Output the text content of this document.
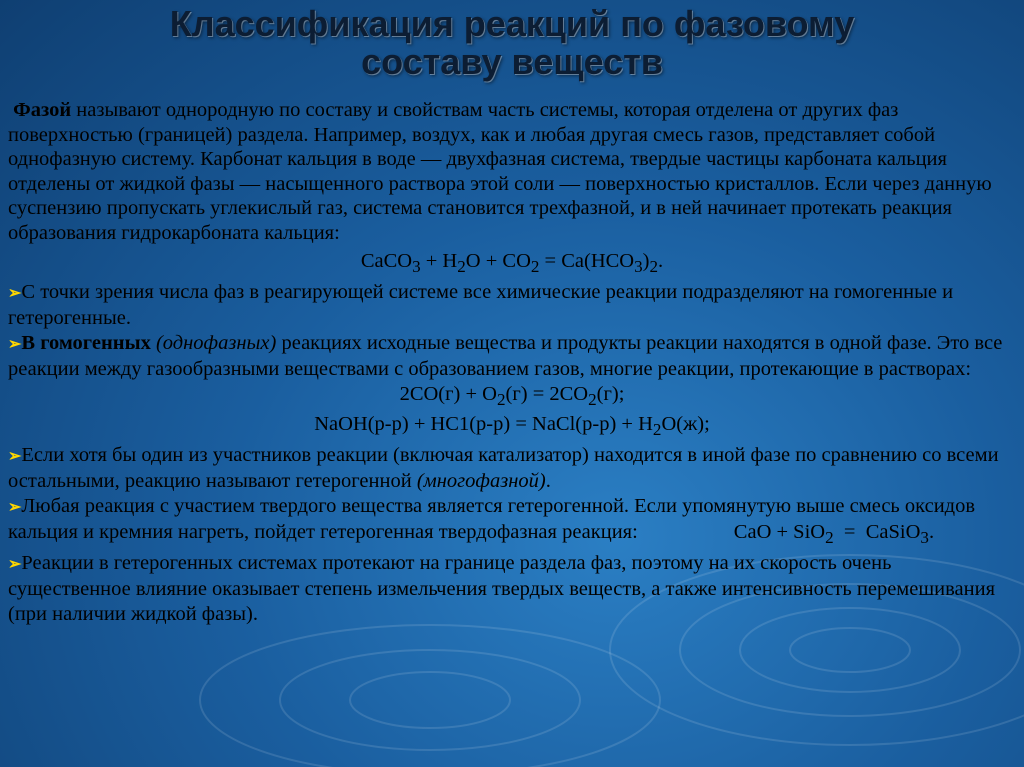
Классификация реакций по фазовому
составу веществ

Фазой называют однородную по составу и свойствам часть системы, которая отделена от других фаз поверхностью (границей) раздела. Например, воздух, как и любая другая смесь газов, представляет собой однофазную систему. Карбонат кальция в воде — двухфазная система, твердые частицы карбоната кальция отделены от жидкой фазы — насыщенного раствора этой соли — поверхностью кристаллов. Если через данную суспензию пропускать углекислый газ, система становится трехфазной, и в ней начинает протекать реакция образования гидрокарбоната кальция:

CaCO$_3$ + $H_2O + CO_2 = Ca(HCO_3)_2$.

➢С точки зрения числа фаз в реагирующей системе все химические реакции подразделяют на гомогенные и гетерогенные.

➢В гомогенных (однофазных) реакциях исходные вещества и продукты реакции находятся в одной фазе. Это все реакции между газообразными веществами с образованием газов, многие реакции, протекающие в растворах:

$2CO(г) + O_2(г) = 2CO_2(г)$;

NaOH(р-р) + НС1(р-р) = NaCl(р-р) + $H_2O(ж)$;

➢Если хотя бы один из участников реакции (включая катализатор) находится в иной фазе по сравнению со всеми остальными, реакцию называют гетерогенной (многофазной).

➢Любая реакция с участием твердого вещества является гетерогенной. Если упомянутую выше смесь оксидов кальция и кремния нагреть, пойдет гетерогенная твердофазная реакция:	CaO + SiO$_2$  =  CaSiO$_3$.

➢Реакции в гетерогенных системах протекают на границе раздела фаз, поэтому на их скорость очень существенное влияние оказывает степень измельчения твердых веществ, а также интенсивность перемешивания (при наличии жидкой фазы).
